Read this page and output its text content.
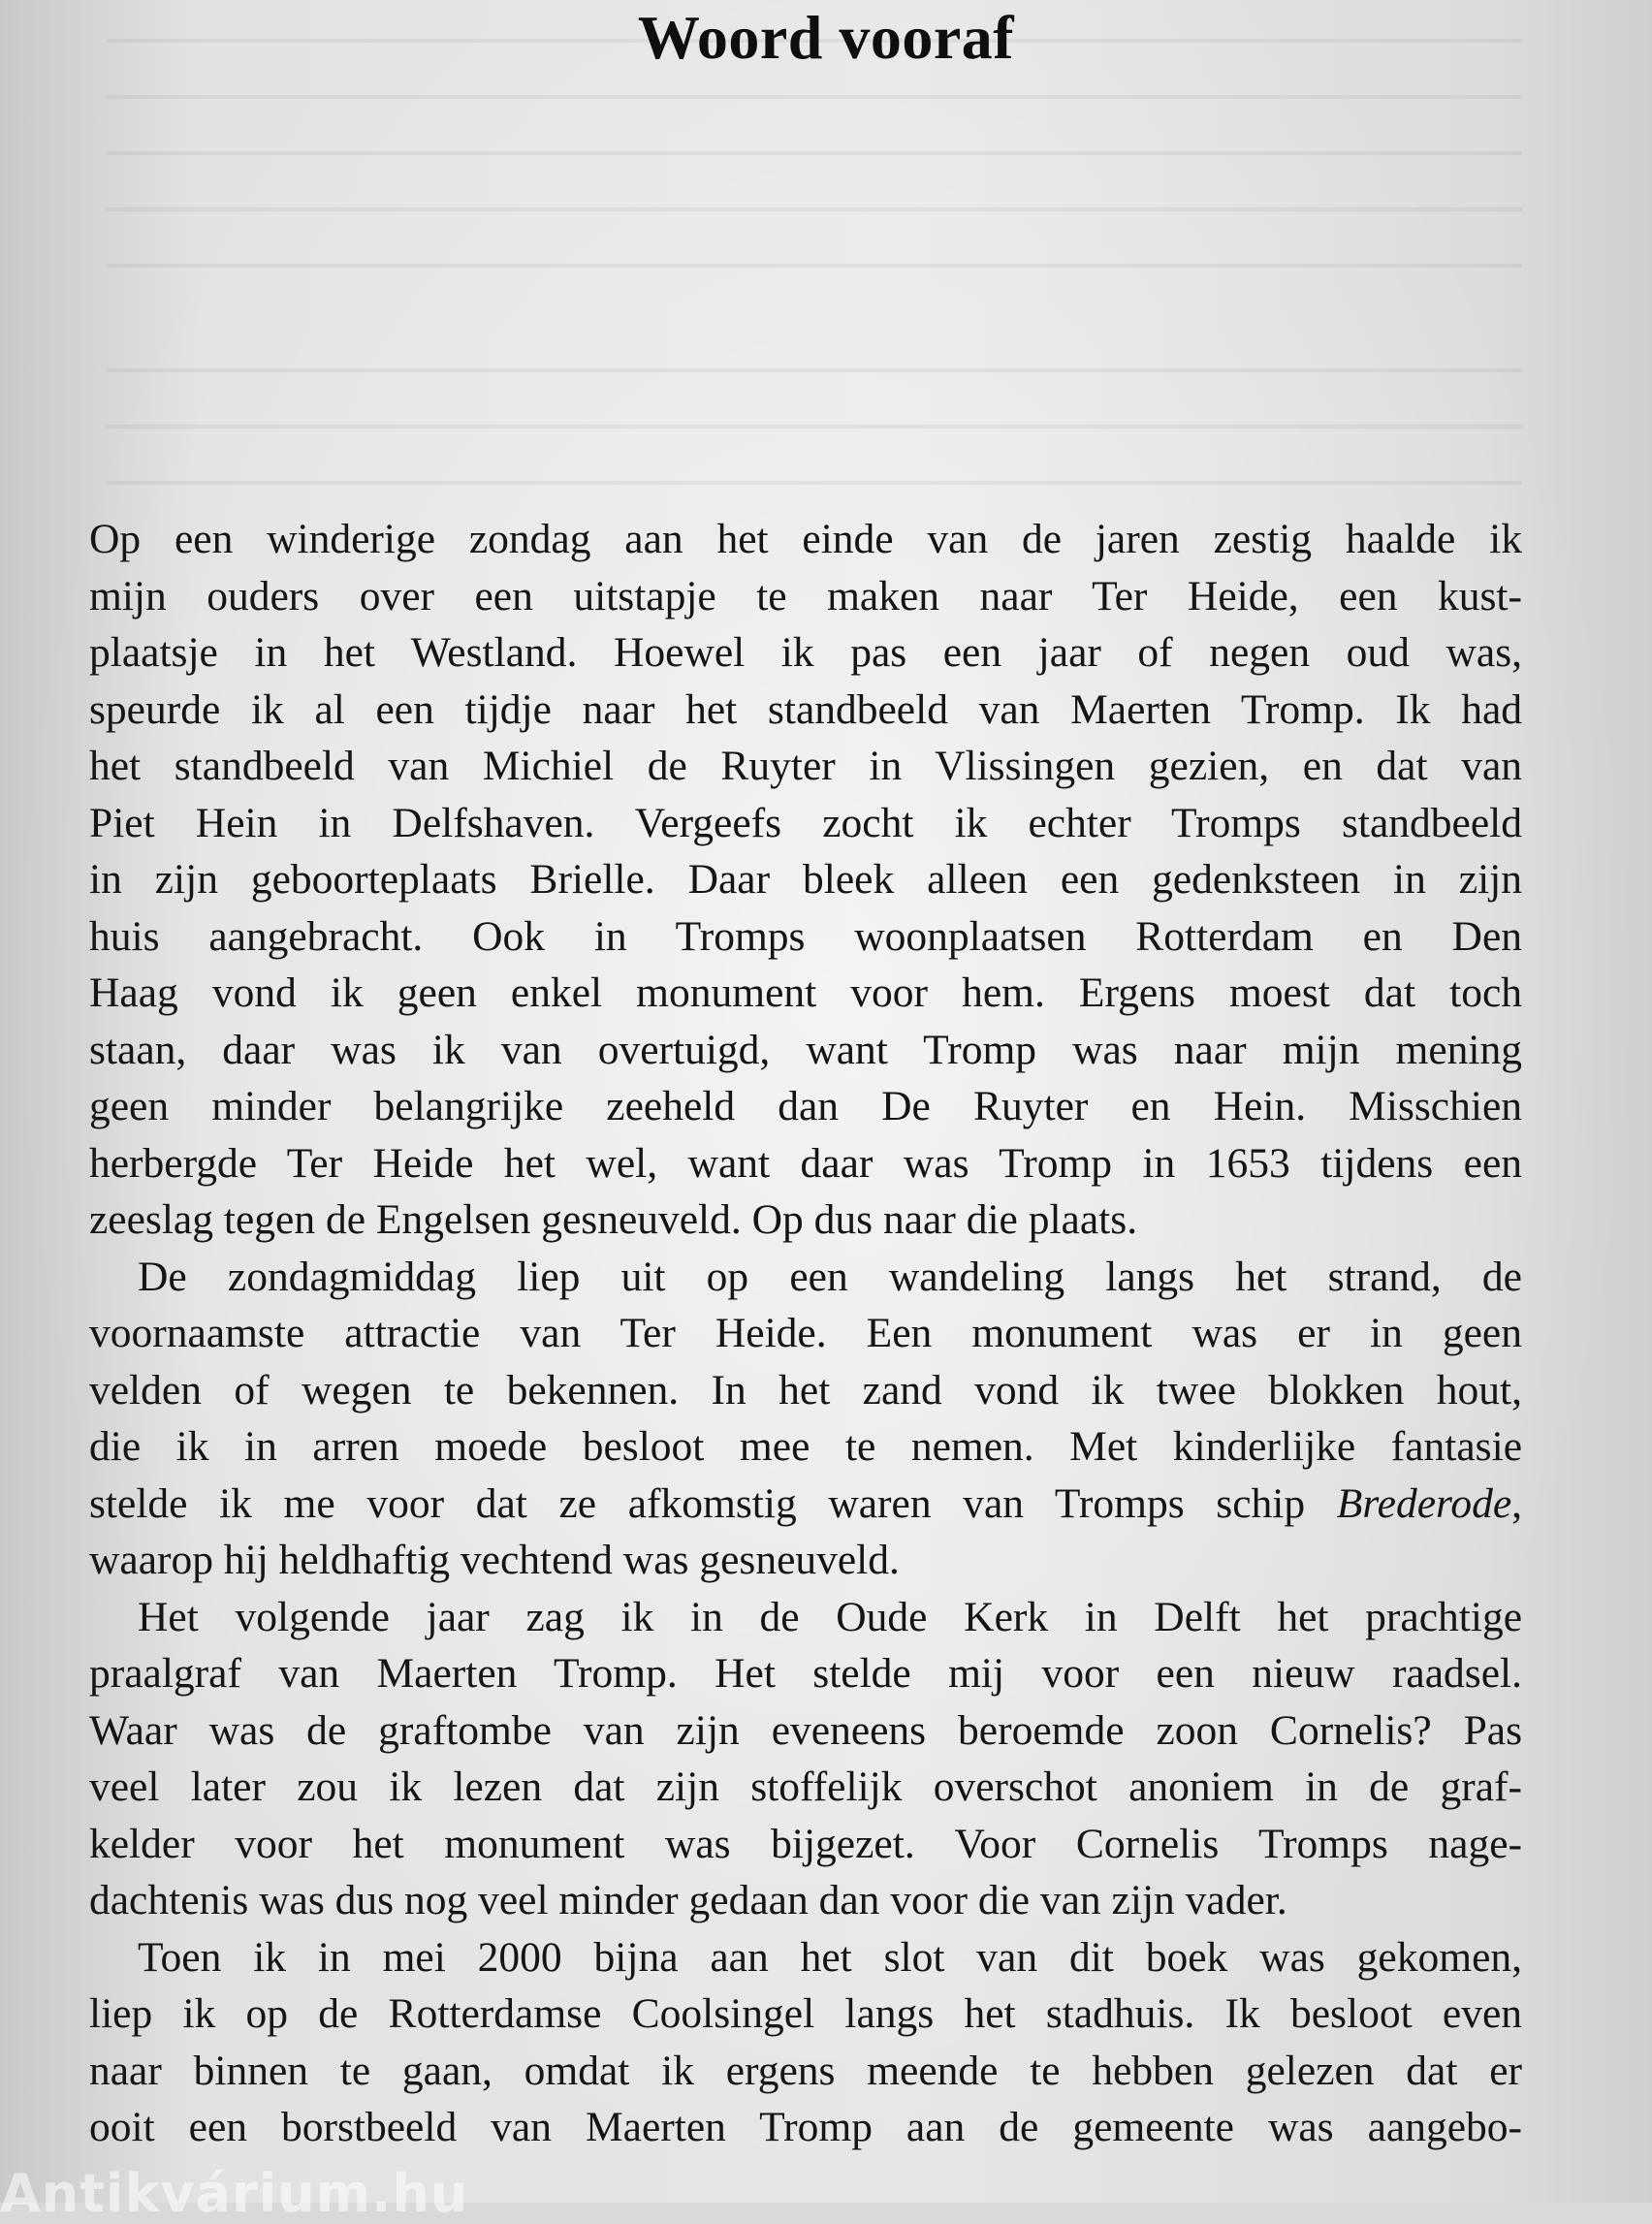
Woord vooraf

Op een winderige zondag aan het einde van de jaren zestig haalde ik
mijn ouders over een uitstapje te maken naar Ter Heide, een kust-
plaatsje in het Westland. Hoewel ik pas een jaar of negen oud was,
speurde ik al een tijdje naar het standbeeld van Maerten Tromp. Ik had
het standbeeld van Michiel de Ruyter in Vlissingen gezien, en dat van
Piet Hein in Delfshaven. Vergeefs zocht ik echter Tromps standbeeld
in zijn geboorteplaats Brielle. Daar bleek alleen een gedenksteen in zijn
huis aangebracht. Ook in Tromps woonplaatsen Rotterdam en Den
Haag vond ik geen enkel monument voor hem. Ergens moest dat toch
staan, daar was ik van overtuigd, want Tromp was naar mijn mening
geen minder belangrijke zeeheld dan De Ruyter en Hein. Misschien
herbergde Ter Heide het wel, want daar was Tromp in 1653 tijdens een
zeeslag tegen de Engelsen gesneuveld. Op dus naar die plaats.

De zondagmiddag liep uit op een wandeling langs het strand, de
voornaamste attractie van Ter Heide. Een monument was er in geen
velden of wegen te bekennen. In het zand vond ik twee blokken hout,
die ik in arren moede besloot mee te nemen. Met kinderlijke fantasie
stelde ik me voor dat ze afkomstig waren van Tromps schip Brederode,
waarop hij heldhaftig vechtend was gesneuveld.

Het volgende jaar zag ik in de Oude Kerk in Delft het prachtige
praalgraf van Maerten Tromp. Het stelde mij voor een nieuw raadsel.
Waar was de graftombe van zijn eveneens beroemde zoon Cornelis? Pas
veel later zou ik lezen dat zijn stoffelijk overschot anoniem in de graf-
kelder voor het monument was bijgezet. Voor Cornelis Tromps nage-
dachtenis was dus nog veel minder gedaan dan voor die van zijn vader.

Toen ik in mei 2000 bijna aan het slot van dit boek was gekomen,
liep ik op de Rotterdamse Coolsingel langs het stadhuis. Ik besloot even
naar binnen te gaan, omdat ik ergens meende te hebben gelezen dat er
ooit een borstbeeld van Maerten Tromp aan de gemeente was aangebo-

Antikvárium.hu
